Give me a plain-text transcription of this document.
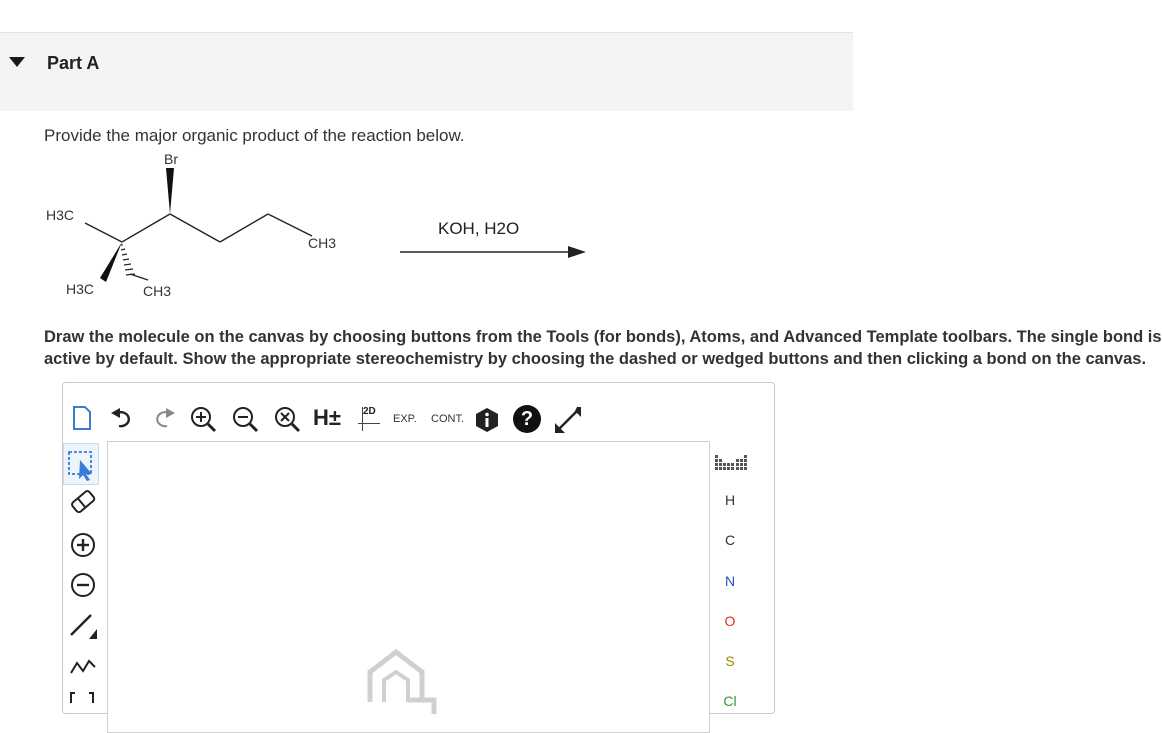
Part A
Provide the major organic product of the reaction below.
Br
H3C
H3C	CH3
CH3
KOH, H2O
Draw the molecule on the canvas by choosing buttons from the Tools (for bonds), Atoms, and Advanced Template toolbars. The single bond is
active by default. Show the appropriate stereochemistry by choosing the dashed or wedged buttons and then clicking a bond on the canvas.
H± 2D
EXP. CONT.	?
H
C
N
O
S
Cl
